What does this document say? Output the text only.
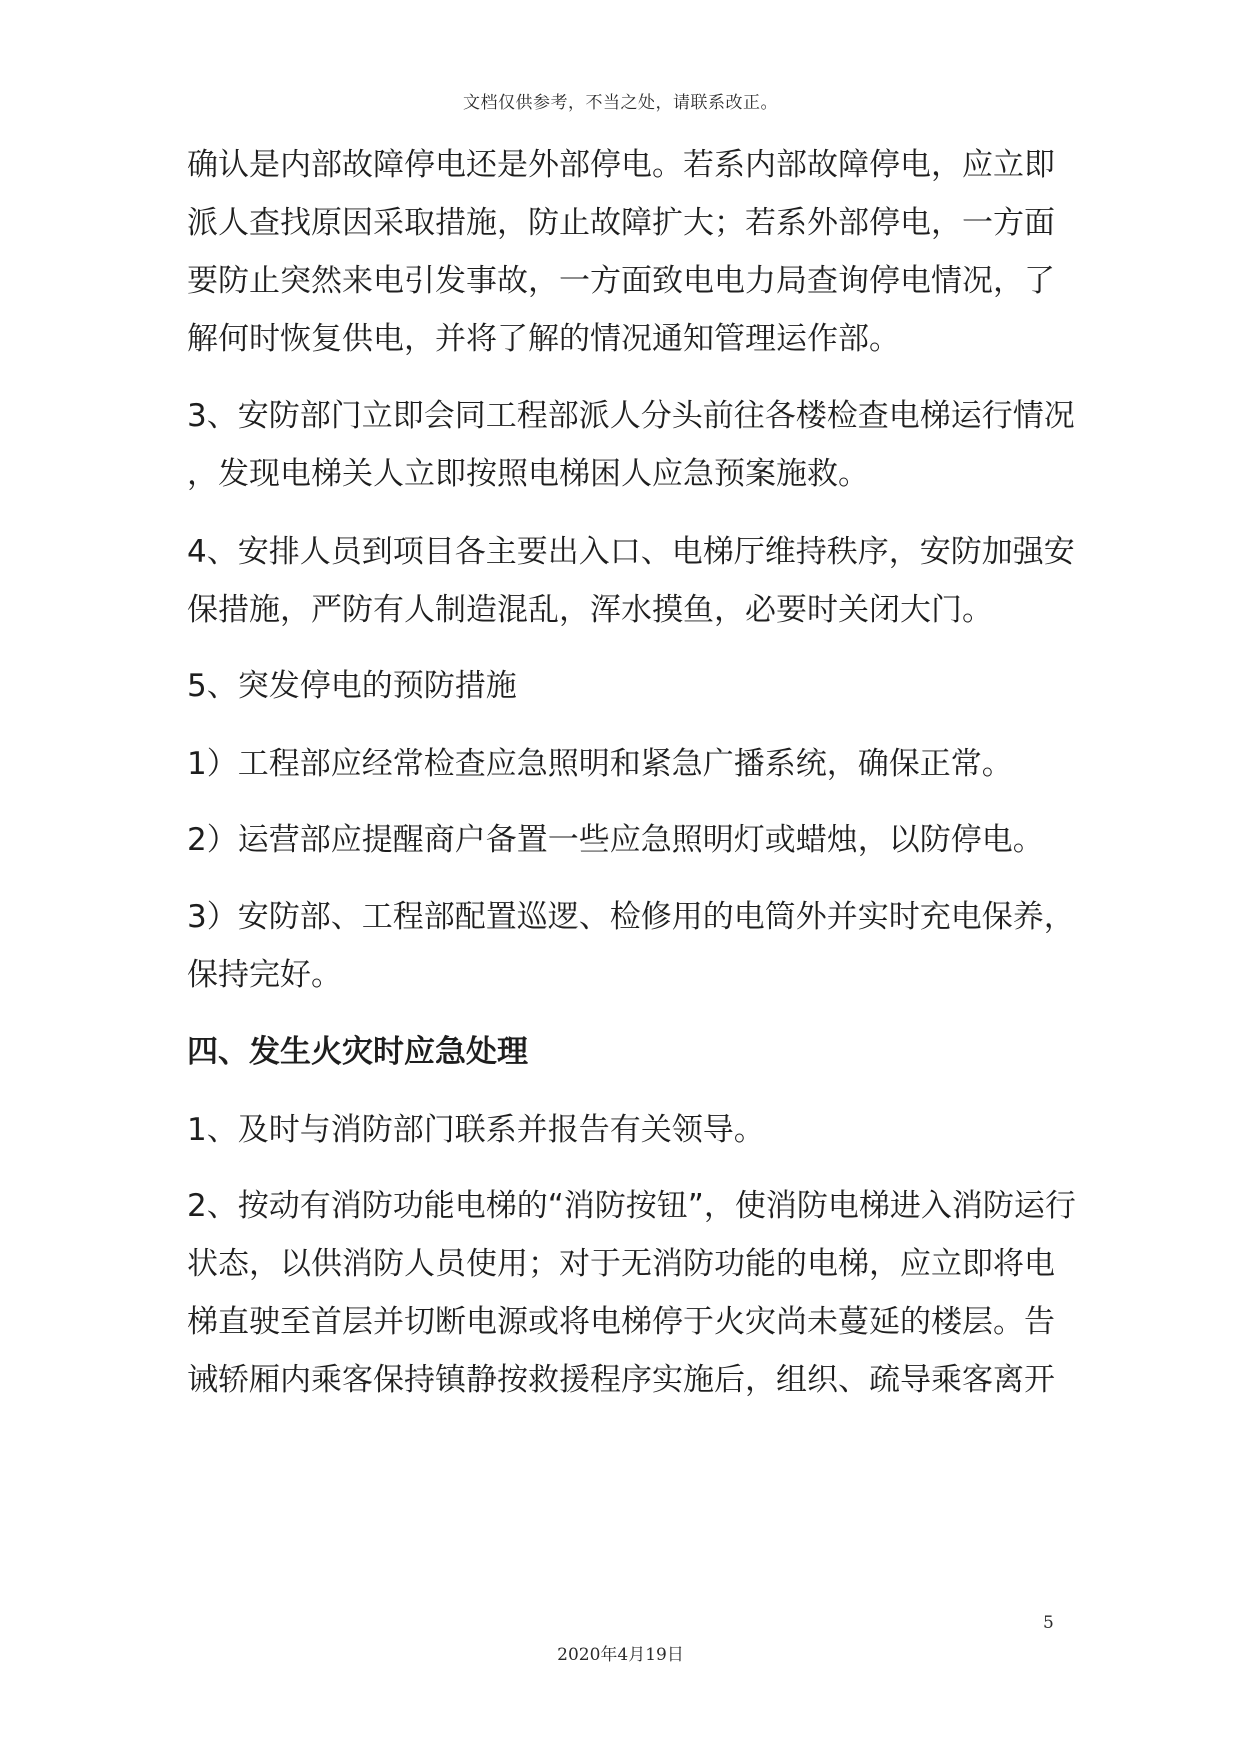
文档仅供参考，不当之处，请联系改正。
确认是内部故障停电还是外部停电。若系内部故障停电，应立即
派人查找原因采取措施，防止故障扩大；若系外部停电，一方面
要防止突然来电引发事故，一方面致电电力局查询停电情况，了
解何时恢复供电，并将了解的情况通知管理运作部。
3、安防部门立即会同工程部派人分头前往各楼检查电梯运行情况
，发现电梯关人立即按照电梯困人应急预案施救。
4、安排人员到项目各主要出入口、电梯厅维持秩序，安防加强安
保措施，严防有人制造混乱，浑水摸鱼，必要时关闭大门。
5、突发停电的预防措施
1）工程部应经常检查应急照明和紧急广播系统，确保正常。
2）运营部应提醒商户备置一些应急照明灯或蜡烛，以防停电。
3）安防部、工程部配置巡逻、检修用的电筒外并实时充电保养，
保持完好。
四、发生火灾时应急处理
1、及时与消防部门联系并报告有关领导。
2、按动有消防功能电梯的“消防按钮”，使消防电梯进入消防运行
状态，以供消防人员使用；对于无消防功能的电梯，应立即将电
梯直驶至首层并切断电源或将电梯停于火灾尚未蔓延的楼层。告
诫轿厢内乘客保持镇静按救援程序实施后，组织、疏导乘客离开
5
2020年4月19日
